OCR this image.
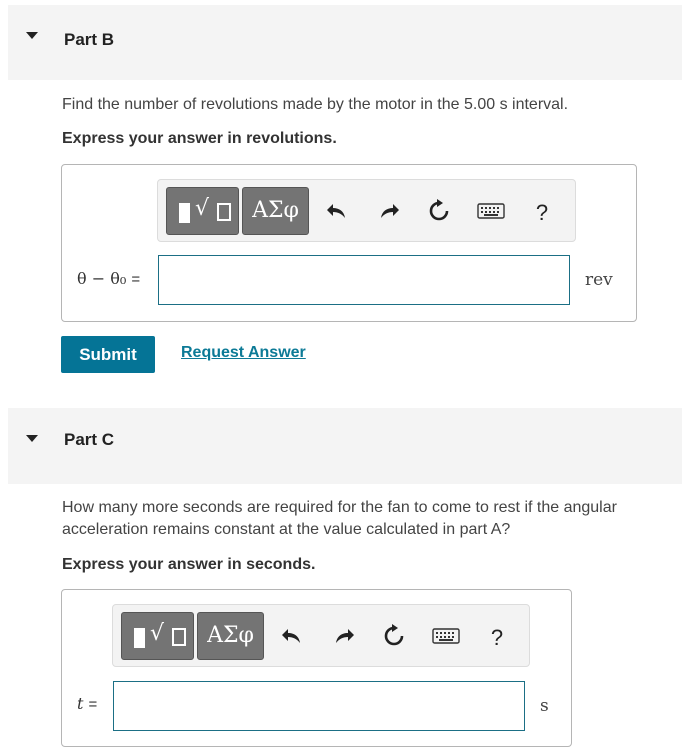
Part B
Find the number of revolutions made by the motor in the 5.00 s interval.
Express your answer in revolutions.
√	ΑΣφ	?
θ − θ₀ =	rev
Submit	Request Answer
Part C
How many more seconds are required for the fan to come to rest if the angular acceleration remains constant at the value calculated in part A?
Express your answer in seconds.
√	ΑΣφ	?
t =	s
